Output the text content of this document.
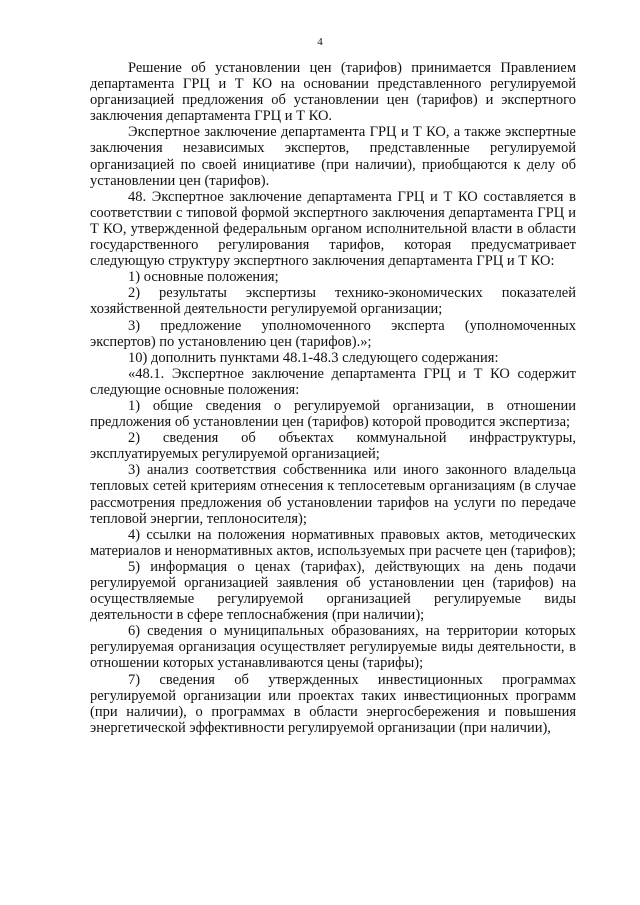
4

Решение об установлении цен (тарифов) принимается Правлением департамента ГРЦ и Т КО на основании представленного регулируемой организацией предложения об установлении цен (тарифов) и экспертного заключения департамента ГРЦ и Т КО.

Экспертное заключение департамента ГРЦ и Т КО, а также экспертные заключения независимых экспертов, представленные регулируемой организацией по своей инициативе (при наличии), приобщаются к делу об установлении цен (тарифов).

48. Экспертное заключение департамента ГРЦ и Т КО составляется в соответствии с типовой формой экспертного заключения департамента ГРЦ и Т КО, утвержденной федеральным органом исполнительной власти в области государственного регулирования тарифов, которая предусматривает следующую структуру экспертного заключения департамента ГРЦ и Т КО:

1) основные положения;

2) результаты экспертизы технико-экономических показателей хозяйственной деятельности регулируемой организации;

3) предложение уполномоченного эксперта (уполномоченных экспертов) по установлению цен (тарифов).»;

10) дополнить пунктами 48.1-48.3 следующего содержания:

«48.1. Экспертное заключение департамента ГРЦ и Т КО содержит следующие основные положения:

1) общие сведения о регулируемой организации, в отношении предложения об установлении цен (тарифов) которой проводится экспертиза;

2) сведения об объектах коммунальной инфраструктуры, эксплуатируемых регулируемой организацией;

3) анализ соответствия собственника или иного законного владельца тепловых сетей критериям отнесения к теплосетевым организациям (в случае рассмотрения предложения об установлении тарифов на услуги по передаче тепловой энергии, теплоносителя);

4) ссылки на положения нормативных правовых актов, методических материалов и ненормативных актов, используемых при расчете цен (тарифов);

5) информация о ценах (тарифах), действующих на день подачи регулируемой организацией заявления об установлении цен (тарифов) на осуществляемые регулируемой организацией регулируемые виды деятельности в сфере теплоснабжения (при наличии);

6) сведения о муниципальных образованиях, на территории которых регулируемая организация осуществляет регулируемые виды деятельности, в отношении которых устанавливаются цены (тарифы);

7) сведения об утвержденных инвестиционных программах регулируемой организации или проектах таких инвестиционных программ (при наличии), о программах в области энергосбережения и повышения энергетической эффективности регулируемой организации (при наличии),
